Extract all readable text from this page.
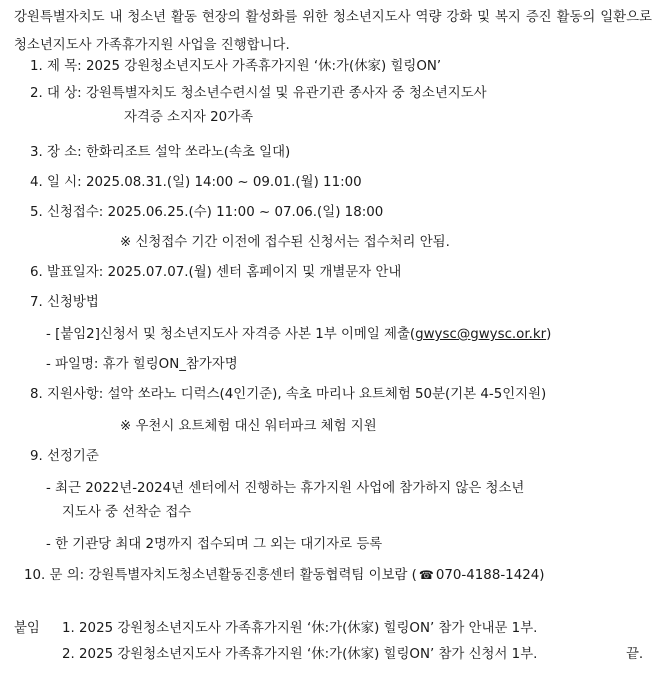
강원특별자치도 내 청소년 활동 현장의 활성화를 위한 청소년지도사 역량 강화 및 복지 증진 활동의 일환으로 청소년지도사 가족휴가지원 사업을 진행합니다.
1. 제 목: 2025 강원청소년지도사 가족휴가지원 ‘休:가(休家) 힐링ON’
2. 대 상: 강원특별자치도 청소년수련시설 및 유관기관 종사자 중 청소년지도사
자격증 소지자 20가족
3. 장 소: 한화리조트 설악 쏘라노(속초 일대)
4. 일 시: 2025.08.31.(일) 14:00 ~ 09.01.(월) 11:00
5. 신청접수: 2025.06.25.(수) 11:00 ~ 07.06.(일) 18:00
※ 신청접수 기간 이전에 접수된 신청서는 접수처리 안됨.
6. 발표일자: 2025.07.07.(월) 센터 홈페이지 및 개별문자 안내
7. 신청방법
- [붙임2]신청서 및 청소년지도사 자격증 사본 1부 이메일 제출(gwysc@gwysc.or.kr)
- 파일명: 휴가 힐링ON_참가자명
8. 지원사항: 설악 쏘라노 디럭스(4인기준), 속초 마리나 요트체험 50분(기본 4-5인지원)
※ 우천시 요트체험 대신 워터파크 체험 지원
9. 선정기준
- 최근 2022년-2024년 센터에서 진행하는 휴가지원 사업에 참가하지 않은 청소년
지도사 중 선착순 접수
- 한 기관당 최대 2명까지 접수되며 그 외는 대기자로 등록
10. 문 의: 강원특별자치도청소년활동진흥센터 활동협력팀 이보람 ( ☎ 070-4188-1424)
붙임 1. 2025 강원청소년지도사 가족휴가지원 ‘休:가(休家) 힐링ON’ 참가 안내문 1부.
2. 2025 강원청소년지도사 가족휴가지원 ‘休:가(休家) 힐링ON’ 참가 신청서 1부.	끝.
